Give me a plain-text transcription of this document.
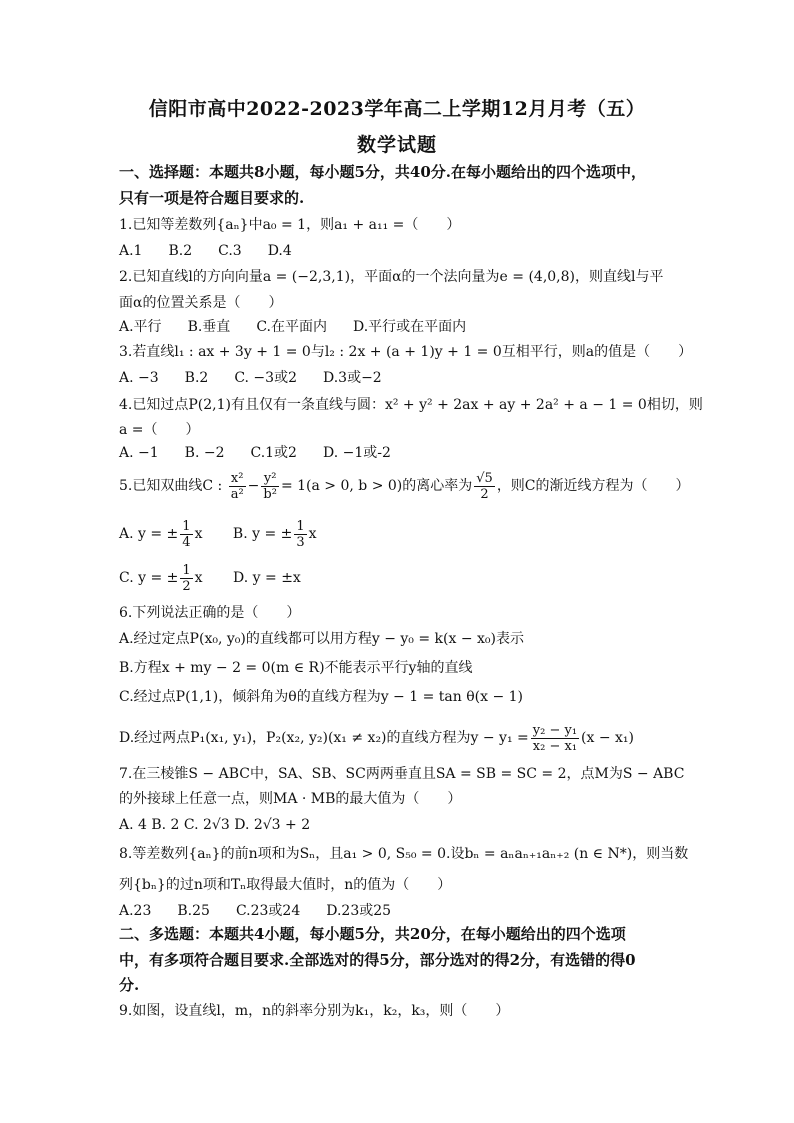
信阳市高中2022-2023学年高二上学期12月月考（五）
数学试题
一、选择题：本题共8小题，每小题5分，共40分.在每小题给出的四个选项中，
只有一项是符合题目要求的.
1.已知等差数列{aₙ}中a₀ = 1，则a₁ + a₁₁ =（　　）
A.1 B.2 C.3 D.4
2.已知直线l的方向向量a = (−2,3,1)，平面α的一个法向量为e = (4,0,8)，则直线l与平
面α的位置关系是（　　）
A.平行 B.垂直 C.在平面内 D.平行或在平面内
3.若直线l₁ : ax + 3y + 1 = 0与l₂ : 2x + (a + 1)y + 1 = 0互相平行，则a的值是（　　）
A. −3 B.2 C. −3或2 D.3或−2
4.已知过点P(2,1)有且仅有一条直线与圆：x² + y² + 2ax + ay + 2a² + a − 1 = 0相切，则
a =（　　）
A. −1 B. −2 C.1或2 D. −1或-2
5.已知双曲线C : $\frac{\text{x²}}{\text{a²}} - \frac{\text{y²}}{\text{b²}} = 1(a > 0$, b > 0)的离心率为 $\frac{√5}{2}$ ，则C的渐近线方程为（　　）
A. y = ± $\frac{1}{4}$ x B. y = ± $\frac{1}{3}$ x
C. y = ± $\frac{1}{2}$ x D. y = ±x
6.下列说法正确的是（　　）
A.经过定点P(x₀, y₀)的直线都可以用方程y − y₀ = k(x − x₀)表示
B.方程x + my − 2 = 0(m ∈ R)不能表示平行y轴的直线
C.经过点P(1,1)，倾斜角为θ的直线方程为y − 1 = tan θ(x − 1)
D.经过两点P₁(x₁, y₁)，P₂(x₂, y₂)(x₁ ≠ x₂)的直线方程为$y - y_1 = \frac{\text{y₂ − y₁}}{\text{x₂ − x₁}} (x - x_1)$
7.在三棱锥S − ABC中，SA、SB、SC两两垂直且SA = SB = SC = 2，点M为S − ABC
的外接球上任意一点，则MA · MB的最大值为（　　）
A. 4 B. 2 C. 2√3 D. 2√3 + 2
8.等差数列{aₙ}的前n项和为Sₙ，且a₁ > 0, S₅₀ = 0.设bₙ = aₙaₙ₊₁aₙ₊₂ (n ∈ N*)，则当数
列{bₙ}的过n项和Tₙ取得最大值时，n的值为（　　）
A.23 B.25 C.23或24 D.23或25
二、多选题：本题共4小题，每小题5分，共20分，在每小题给出的四个选项
中，有多项符合题目要求.全部选对的得5分，部分选对的得2分，有选错的得0
分.
9.如图，设直线l，m，n的斜率分别为k₁，k₂，k₃，则（　　）
